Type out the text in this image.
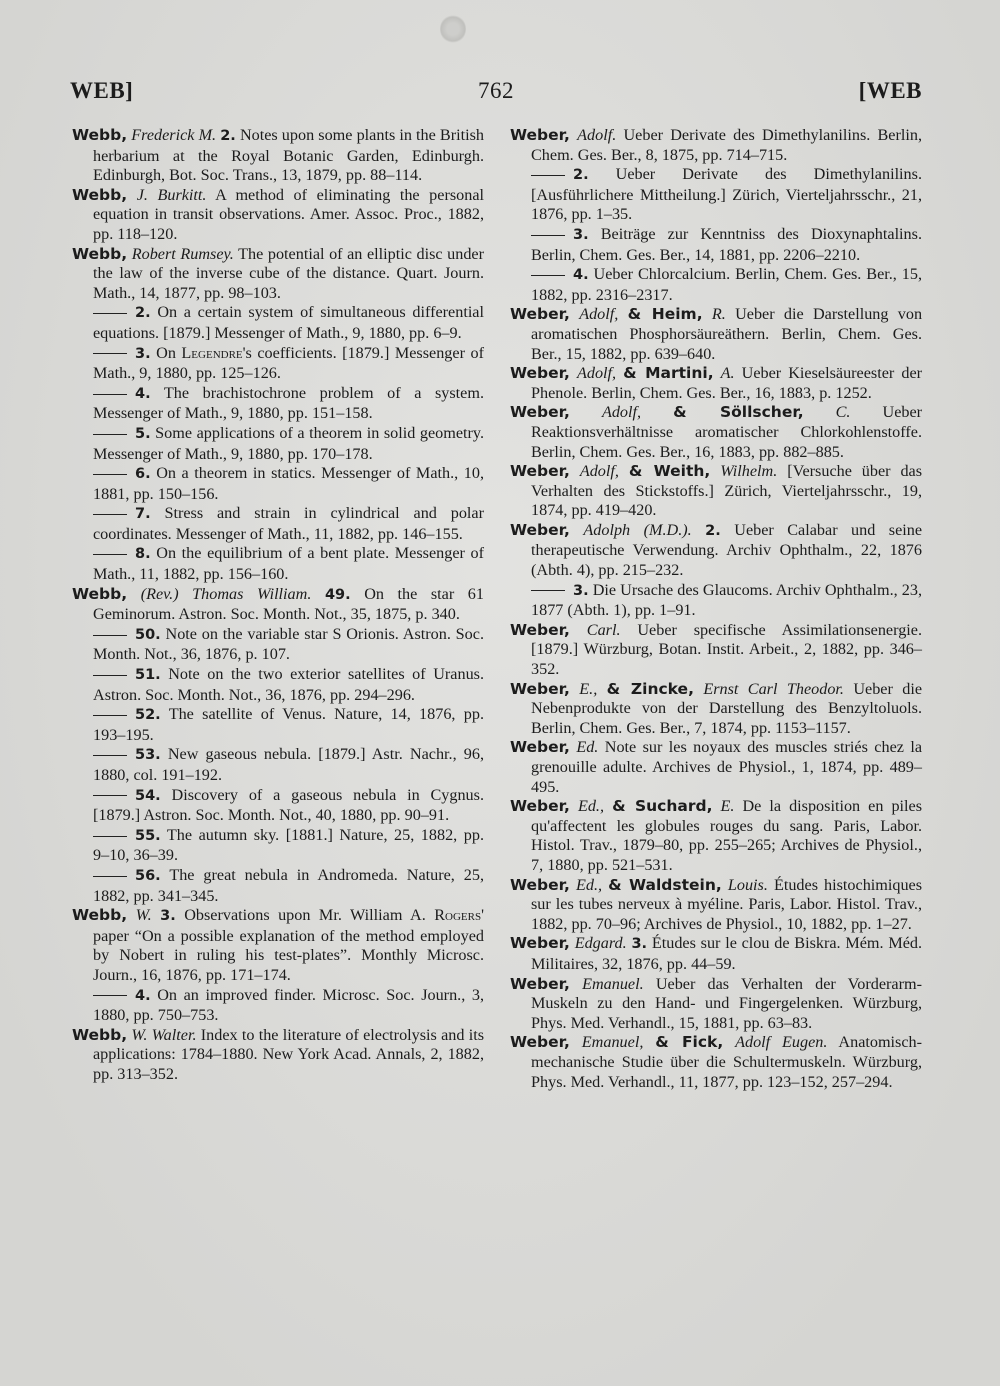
WEB]	762	[WEB

Webb, Frederick M. 2. Notes upon some plants in the British herbarium at the Royal Botanic Garden, Edinburgh. Edinburgh, Bot. Soc. Trans., 13, 1879, pp. 88–114.

Webb, J. Burkitt. A method of eliminating the personal equation in transit observations. Amer. Assoc. Proc., 1882, pp. 118–120.

Webb, Robert Rumsey. The potential of an elliptic disc under the law of the inverse cube of the distance. Quart. Journ. Math., 14, 1877, pp. 98–103.

2. On a certain system of simultaneous differential equations. [1879.] Messenger of Math., 9, 1880, pp. 6–9.

3. On Legendre's coefficients. [1879.] Messenger of Math., 9, 1880, pp. 125–126.

4. The brachistochrone problem of a system. Messenger of Math., 9, 1880, pp. 151–158.

5. Some applications of a theorem in solid geometry. Messenger of Math., 9, 1880, pp. 170–178.

6. On a theorem in statics. Messenger of Math., 10, 1881, pp. 150–156.

7. Stress and strain in cylindrical and polar coordinates. Messenger of Math., 11, 1882, pp. 146–155.

8. On the equilibrium of a bent plate. Messenger of Math., 11, 1882, pp. 156–160.

Webb, (Rev.) Thomas William. 49. On the star 61 Geminorum. Astron. Soc. Month. Not., 35, 1875, p. 340.

50. Note on the variable star S Orionis. Astron. Soc. Month. Not., 36, 1876, p. 107.

51. Note on the two exterior satellites of Uranus. Astron. Soc. Month. Not., 36, 1876, pp. 294–296.

52. The satellite of Venus. Nature, 14, 1876, pp. 193–195.

53. New gaseous nebula. [1879.] Astr. Nachr., 96, 1880, col. 191–192.

54. Discovery of a gaseous nebula in Cygnus. [1879.] Astron. Soc. Month. Not., 40, 1880, pp. 90–91.

55. The autumn sky. [1881.] Nature, 25, 1882, pp. 9–10, 36–39.

56. The great nebula in Andromeda. Nature, 25, 1882, pp. 341–345.

Webb, W. 3. Observations upon Mr. William A. Rogers' paper “On a possible explanation of the method employed by Nobert in ruling his test-plates”. Monthly Microsc. Journ., 16, 1876, pp. 171–174.

4. On an improved finder. Microsc. Soc. Journ., 3, 1880, pp. 750–753.

Webb, W. Walter. Index to the literature of electrolysis and its applications: 1784–1880. New York Acad. Annals, 2, 1882, pp. 313–352.

Weber, Adolf. Ueber Derivate des Dimethylanilins. Berlin, Chem. Ges. Ber., 8, 1875, pp. 714–715.

2. Ueber Derivate des Dimethylanilins. [Ausführlichere Mittheilung.] Zürich, Vierteljahrsschr., 21, 1876, pp. 1–35.

3. Beiträge zur Kenntniss des Dioxynaphtalins. Berlin, Chem. Ges. Ber., 14, 1881, pp. 2206–2210.

4. Ueber Chlorcalcium. Berlin, Chem. Ges. Ber., 15, 1882, pp. 2316–2317.

Weber, Adolf, & Heim, R. Ueber die Darstellung von aromatischen Phosphorsäureäthern. Berlin, Chem. Ges. Ber., 15, 1882, pp. 639–640.

Weber, Adolf, & Martini, A. Ueber Kieselsäureester der Phenole. Berlin, Chem. Ges. Ber., 16, 1883, p. 1252.

Weber, Adolf, & Söllscher, C. Ueber Reaktionsverhältnisse aromatischer Chlorkohlenstoffe. Berlin, Chem. Ges. Ber., 16, 1883, pp. 882–885.

Weber, Adolf, & Weith, Wilhelm. [Versuche über das Verhalten des Stickstoffs.] Zürich, Vierteljahrsschr., 19, 1874, pp. 419–420.

Weber, Adolph (M.D.). 2. Ueber Calabar und seine therapeutische Verwendung. Archiv Ophthalm., 22, 1876 (Abth. 4), pp. 215–232.

3. Die Ursache des Glaucoms. Archiv Ophthalm., 23, 1877 (Abth. 1), pp. 1–91.

Weber, Carl. Ueber specifische Assimilationsenergie. [1879.] Würzburg, Botan. Instit. Arbeit., 2, 1882, pp. 346–352.

Weber, E., & Zincke, Ernst Carl Theodor. Ueber die Nebenprodukte von der Darstellung des Benzyltoluols. Berlin, Chem. Ges. Ber., 7, 1874, pp. 1153–1157.

Weber, Ed. Note sur les noyaux des muscles striés chez la grenouille adulte. Archives de Physiol., 1, 1874, pp. 489–495.

Weber, Ed., & Suchard, E. De la disposition en piles qu'affectent les globules rouges du sang. Paris, Labor. Histol. Trav., 1879–80, pp. 255–265; Archives de Physiol., 7, 1880, pp. 521–531.

Weber, Ed., & Waldstein, Louis. Études histochimiques sur les tubes nerveux à myéline. Paris, Labor. Histol. Trav., 1882, pp. 70–96; Archives de Physiol., 10, 1882, pp. 1–27.

Weber, Edgard. 3. Études sur le clou de Biskra. Mém. Méd. Militaires, 32, 1876, pp. 44–59.

Weber, Emanuel. Ueber das Verhalten der Vorderarm-Muskeln zu den Hand- und Fingergelenken. Würzburg, Phys. Med. Verhandl., 15, 1881, pp. 63–83.

Weber, Emanuel, & Fick, Adolf Eugen. Anatomisch-mechanische Studie über die Schultermuskeln. Würzburg, Phys. Med. Verhandl., 11, 1877, pp. 123–152, 257–294.
